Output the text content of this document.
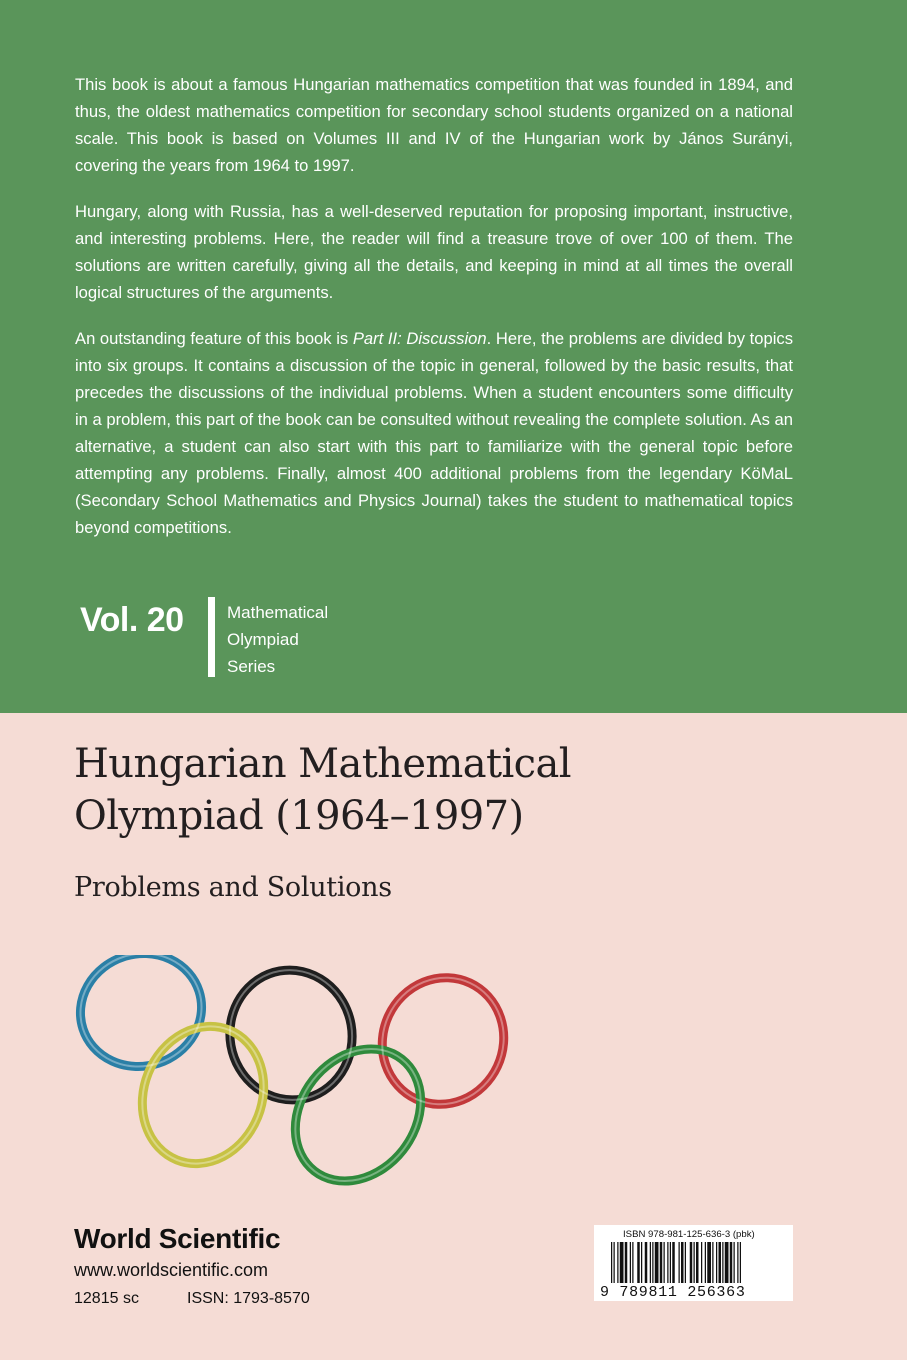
This book is about a famous Hungarian mathematics competition that was founded in 1894, and thus, the oldest mathematics competition for secondary school students organized on a national scale. This book is based on Volumes III and IV of the Hungarian work by János Surányi, covering the years from 1964 to 1997.

Hungary, along with Russia, has a well-deserved reputation for proposing important, instructive, and interesting problems. Here, the reader will find a treasure trove of over 100 of them. The solutions are written carefully, giving all the details, and keeping in mind at all times the overall logical structures of the arguments.

An outstanding feature of this book is Part II: Discussion. Here, the problems are divided by topics into six groups. It contains a discussion of the topic in general, followed by the basic results, that precedes the discussions of the individual problems. When a student encounters some difficulty in a problem, this part of the book can be consulted without revealing the complete solution. As an alternative, a student can also start with this part to familiarize with the general topic before attempting any problems. Finally, almost 400 additional problems from the legendary KöMaL (Secondary School Mathematics and Physics Journal) takes the student to mathematical topics beyond competitions.

Vol. 20	Mathematical
Olympiad
Series
Hungarian Mathematical
Olympiad (1964–1997)
Problems and Solutions
World Scientific
www.worldscientific.com
12815 sc	ISSN: 1793-8570
ISBN 978-981-125-636-3 (pbk)
9 789811 256363
